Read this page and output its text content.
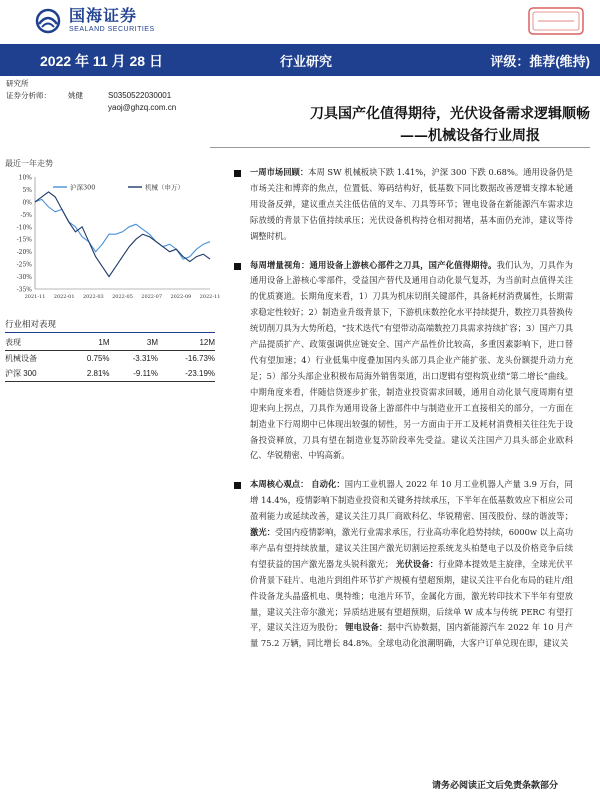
国海证券
SEALAND SECURITIES
2022 年 11 月 28 日	行业研究	评级：推荐(维持)
研究所
证券分析师：	姚健	S0350522030001
yaoj@ghzq.com.cn	刀具国产化值得期待，光伏设备需求逻辑顺畅
——机械设备行业周报
最近一年走势
10%
5%
0%
-5%
-10%
-15%
-20%
-25%
-30%
-35%
2021-11 2022-01 2022-03 2022-05 2022-07 2022-09 2022-11
沪深300	机械（申万）
行业相对表现
表现	1M	3M	12M
机械设备	0.75%	-3.31%	-16.73%
沪深 300	2.81%	-9.11%	-23.19%
一周市场回顾：本周 SW 机械板块下跌 1.41%，沪深 300 下跌 0.68%。通用设备仍是市场关注和博弈的焦点，位置低、筹码结构好，低基数下同比数据改善逻辑支撑本轮通用设备反弹，建议重点关注低估值的叉车、刀具等环节；锂电设备在新能源汽车需求边际放缓的背景下估值持续承压；光伏设备机构持仓相对拥堵，基本面仍充沛，建议等待调整时机。
每周增量视角：通用设备上游核心部件之刀具，国产化值得期待。我们认为，刀具作为通用设备上游核心零部件，受益国产替代及通用自动化景气复苏，为当前时点值得关注的优质赛道。长期角度来看，1）刀具为机床切削关键部件，具备耗材消费属性，长期需求稳定性较好；2）制造业升级背景下，下游机床数控化水平持续提升，数控刀具替换传统切削刀具为大势所趋，“技术迭代”有望带动高端数控刀具需求持续扩容；3）国产刀具产品提质扩产、政策强调供应链安全、国产产品性价比较高，多重因素影响下，进口替代有望加速；4）行业低集中度叠加国内头部刀具企业产能扩张、龙头份额提升动力充足；5）部分头部企业积极布局海外销售渠道，出口逻辑有望构筑业绩“第二增长”曲线。中期角度来看，伴随信贷逐步扩张，制造业投资需求回暖，通用自动化景气度周期有望迎来向上拐点，刀具作为通用设备上游部件中与制造业开工直接相关的部分，一方面在制造业下行周期中已体现出较强的韧性，另一方面由于开工及耗材消费相关往往先于设备投资释放，刀具有望在制造业复苏阶段率先受益。建议关注国产刀具头部企业欧科亿、华锐精密、中钨高新。
本周核心观点： 自动化：国内工业机器人 2022 年 10 月工业机器人产量 3.9 万台，同增 14.4%，疫情影响下制造业投资和关键务持续承压，下半年在低基数效应下相应公司盈利能力或延续改善，建议关注刀具厂商欧科亿、华锐精密、国茂股份、绿的谐波等； 激光：受国内疫情影响，激光行业需求承压，行业高功率化趋势持续，6000w 以上高功率产品有望持续放量，建议关注国产激光切割运控系统龙头柏楚电子以及价格竞争后续有望获益的国产激光器龙头锐科激光； 光伏设备：行业降本提效是主旋律，全球光伏平价背景下硅片、电池片到组件环节扩产规模有望超预期，建议关注平台化布局的硅片/组件设备龙头晶盛机电、奥特维；电池片环节，金属化方面，激光转印技术下半年有望放量，建议关注帝尔激光；异质结进展有望超预期，后续单 W 成本与传统 PERC 有望打平，建议关注迈为股份； 锂电设备：据中汽协数据，国内新能源汽车 2022 年 10 月产量 75.2 万辆，同比增长 84.8%。全球电动化浪潮明确，大客户订单兑现在即，建议关
请务必阅读正文后免责条款部分
